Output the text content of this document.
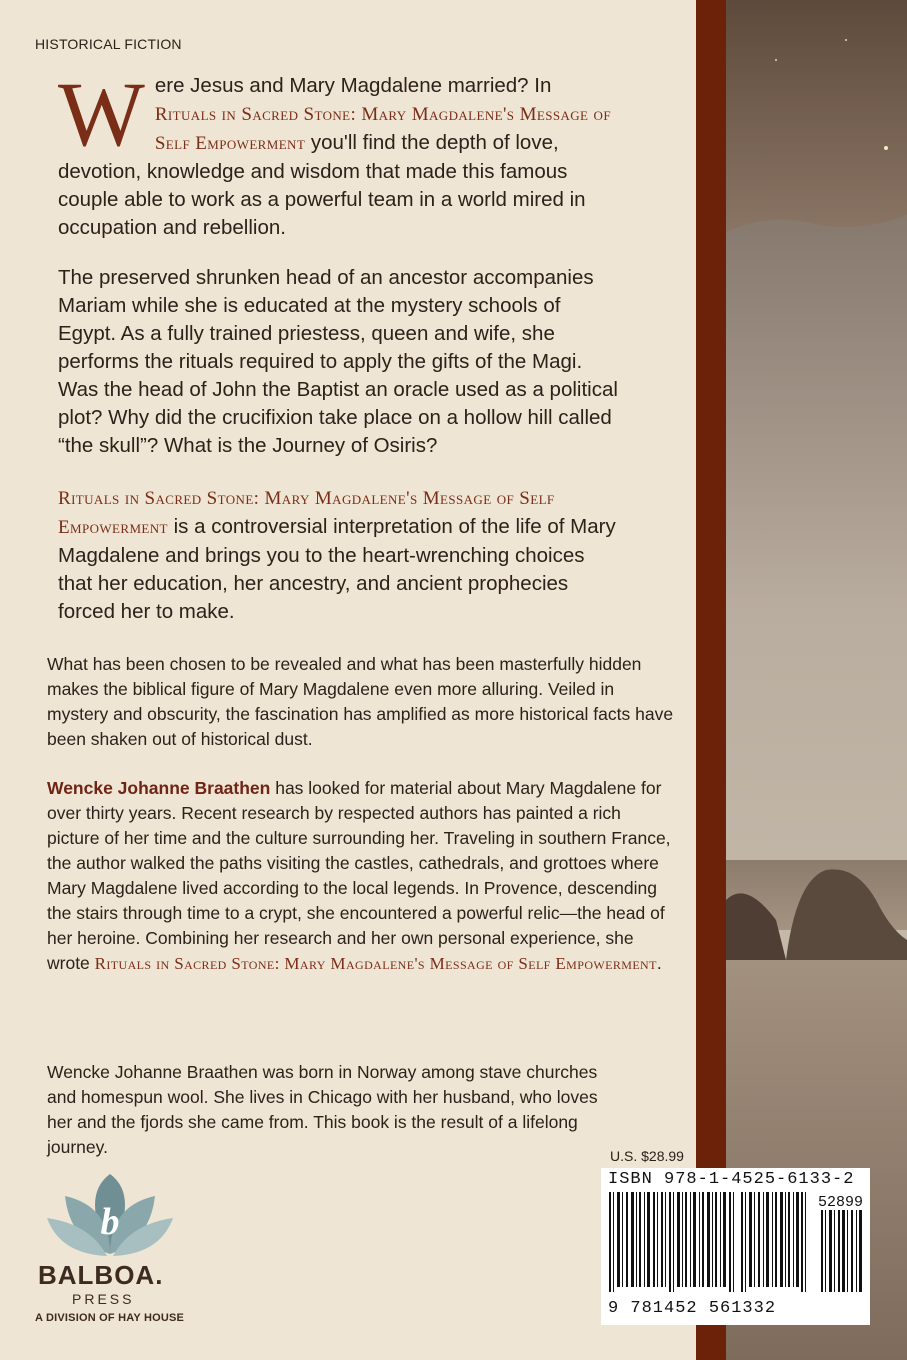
HISTORICAL FICTION

Were Jesus and Mary Magdalene married? In Rituals in Sacred Stone: Mary Magdalene's Message of Self Empowerment you'll find the depth of love, devotion, knowledge and wisdom that made this famous couple able to work as a powerful team in a world mired in occupation and rebellion.

The preserved shrunken head of an ancestor accompanies Mariam while she is educated at the mystery schools of Egypt. As a fully trained priestess, queen and wife, she performs the rituals required to apply the gifts of the Magi. Was the head of John the Baptist an oracle used as a political plot? Why did the crucifixion take place on a hollow hill called “the skull”? What is the Journey of Osiris?

Rituals in Sacred Stone: Mary Magdalene's Message of Self Empowerment is a controversial interpretation of the life of Mary Magdalene and brings you to the heart-wrenching choices that her education, her ancestry, and ancient prophecies forced her to make.

What has been chosen to be revealed and what has been masterfully hidden makes the biblical figure of Mary Magdalene even more alluring. Veiled in mystery and obscurity, the fascination has amplified as more historical facts have been shaken out of historical dust.

Wencke Johanne Braathen has looked for material about Mary Magdalene for over thirty years. Recent research by respected authors has painted a rich picture of her time and the culture surrounding her. Traveling in southern France, the author walked the paths visiting the castles, cathedrals, and grottoes where Mary Magdalene lived according to the local legends. In Provence, descending the stairs through time to a crypt, she encountered a powerful relic—the head of her heroine. Combining her research and her own personal experience, she wrote Rituals in Sacred Stone: Mary Magdalene's Message of Self Empowerment.

Wencke Johanne Braathen was born in Norway among stave churches and homespun wool. She lives in Chicago with her husband, who loves her and the fjords she came from. This book is the result of a lifelong journey.	U.S. $28.99
ISBN 978-1-4525-6133-2
52899
9 781452 561332
b
BALBOA.
PRESS
A DIVISION OF HAY HOUSE
